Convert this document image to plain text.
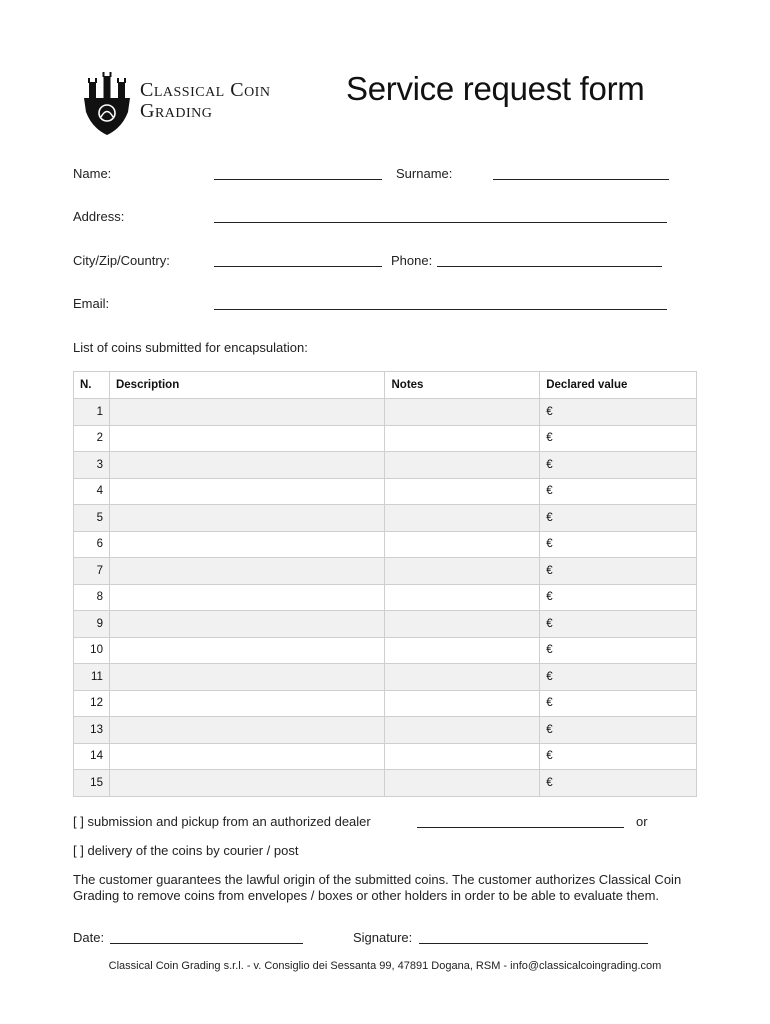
Classical Coin
Grading
Service request form
Name:	Surname:
Address:
City/Zip/Country:	Phone:
Email:
List of coins submitted for encapsulation:
N.	Description	Notes	Declared value
1			€
2			€
3			€
4			€
5			€
6			€
7			€
8			€
9			€
10			€
11			€
12			€
13			€
14			€
15			€
[ ] submission and pickup from an authorized dealer	or
[ ] delivery of the coins by courier / post
The customer guarantees the lawful origin of the submitted coins. The customer authorizes Classical Coin Grading to remove coins from envelopes / boxes or other holders in order to be able to evaluate them.
Date:	Signature:
Classical Coin Grading s.r.l. - v. Consiglio dei Sessanta 99, 47891 Dogana, RSM - info@classicalcoingrading.com
